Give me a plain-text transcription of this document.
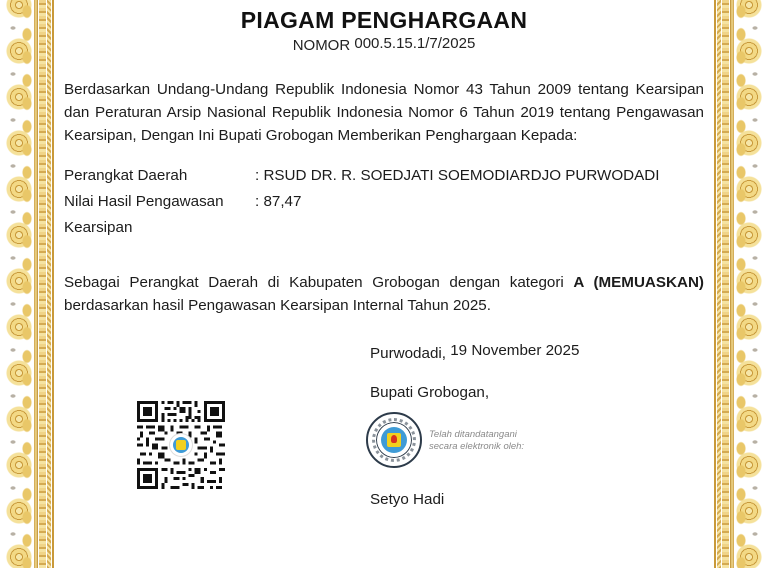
PIAGAM PENGHARGAAN
NOMOR 000.5.15.1/7/2025
Berdasarkan Undang-Undang Republik Indonesia Nomor 43 Tahun 2009 tentang Kearsipan dan Peraturan Arsip Nasional Republik Indonesia Nomor 6 Tahun 2019 tentang Pengawasan Kearsipan, Dengan Ini Bupati Grobogan Memberikan Penghargaan Kepada:
Perangkat Daerah	: RSUD DR. R. SOEDJATI SOEMODIARDJO PURWODADI
Nilai Hasil Pengawasan	: 87,47
Kearsipan
Sebagai Perangkat Daerah di Kabupaten Grobogan dengan kategori A (MEMUASKAN) berdasarkan hasil Pengawasan Kearsipan Internal Tahun 2025.
Purwodadi, 19 November 2025
Bupati Grobogan,
Telah ditandatangani
secara elektronik oleh:
Setyo Hadi
